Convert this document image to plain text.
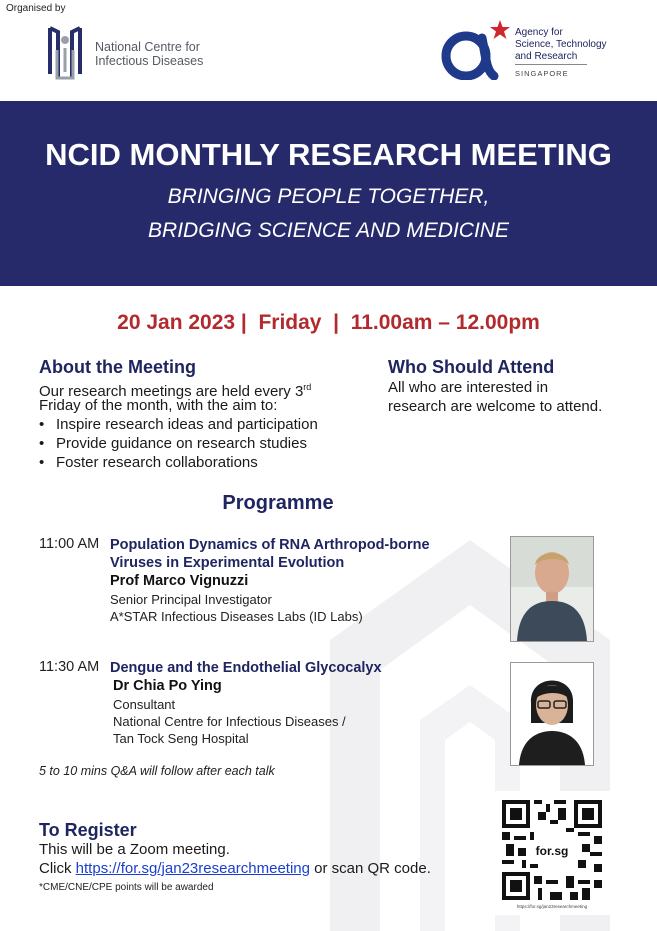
Organised by
National Centre for
Infectious Diseases
Agency for
Science, Technology
and Research
SINGAPORE
NCID MONTHLY RESEARCH MEETING
BRINGING PEOPLE TOGETHER,
BRIDGING SCIENCE AND MEDICINE
20 Jan 2023 |  Friday  |  11.00am – 12.00pm
About the Meeting
Our research meetings are held every 3rd
Friday of the month, with the aim to:
• Inspire research ideas and participation
• Provide guidance on research studies
• Foster research collaborations
Who Should Attend
All who are interested in
research are welcome to attend.
Programme
11:00 AM Population Dynamics of RNA Arthropod-borne
Viruses in Experimental Evolution
Prof Marco Vignuzzi
Senior Principal Investigator
A*STAR Infectious Diseases Labs (ID Labs)
11:30 AM Dengue and the Endothelial Glycocalyx
Dr Chia Po Ying
Consultant
National Centre for Infectious Diseases /
Tan Tock Seng Hospital
5 to 10 mins Q&A will follow after each talk
To Register
This will be a Zoom meeting.
Click https://for.sg/jan23researchmeeting or scan QR code.
*CME/CNE/CPE points will be awarded
for.sg
https://for.sg/jan23researchmeeting
